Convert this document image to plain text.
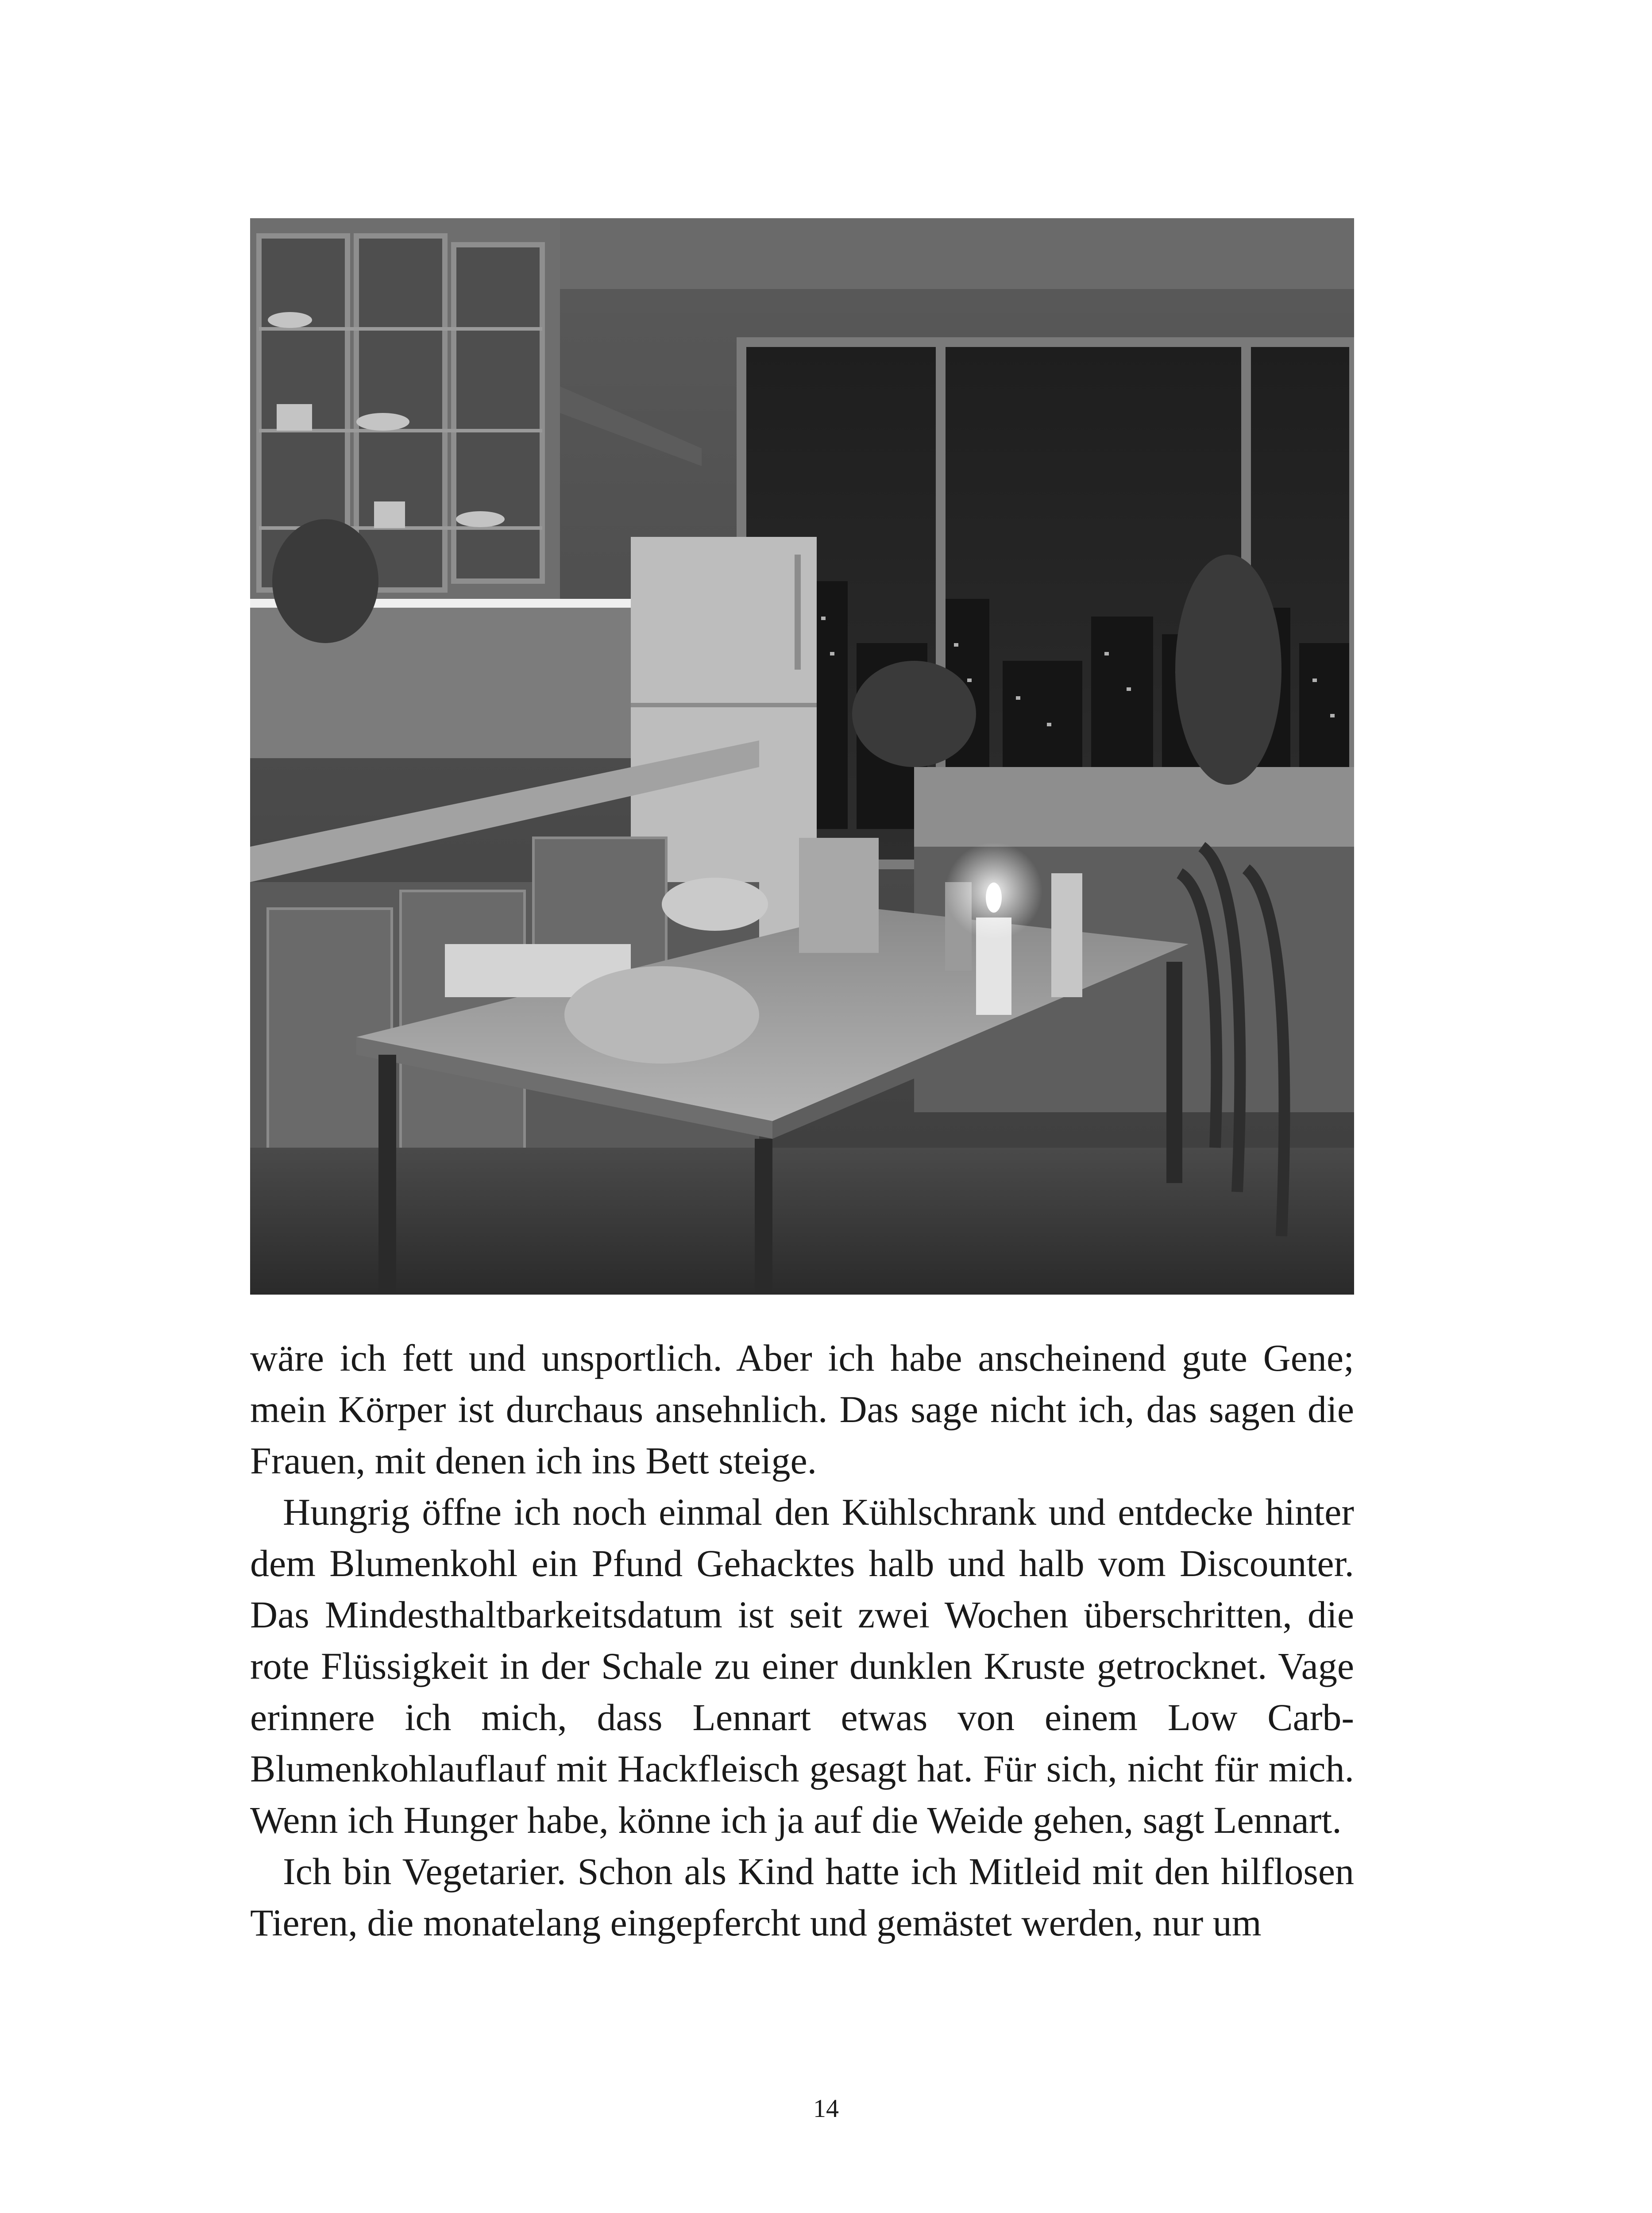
wäre ich fett und unsportlich. Aber ich habe anscheinend gute Gene; mein Körper ist durchaus ansehnlich. Das sage nicht ich, das sagen die Frauen, mit denen ich ins Bett steige.

Hungrig öffne ich noch einmal den Kühlschrank und entdecke hinter dem Blumenkohl ein Pfund Gehacktes halb und halb vom Discounter. Das Mindesthaltbarkeitsdatum ist seit zwei Wochen überschritten, die rote Flüssigkeit in der Schale zu einer dunklen Kruste getrocknet. Vage erinnere ich mich, dass Lennart etwas von einem Low Carb-Blumenkohlauflauf mit Hackfleisch gesagt hat. Für sich, nicht für mich. Wenn ich Hunger habe, könne ich ja auf die Weide gehen, sagt Lennart.

Ich bin Vegetarier. Schon als Kind hatte ich Mitleid mit den hilflosen Tieren, die monatelang eingepfercht und gemästet werden, nur um

14
